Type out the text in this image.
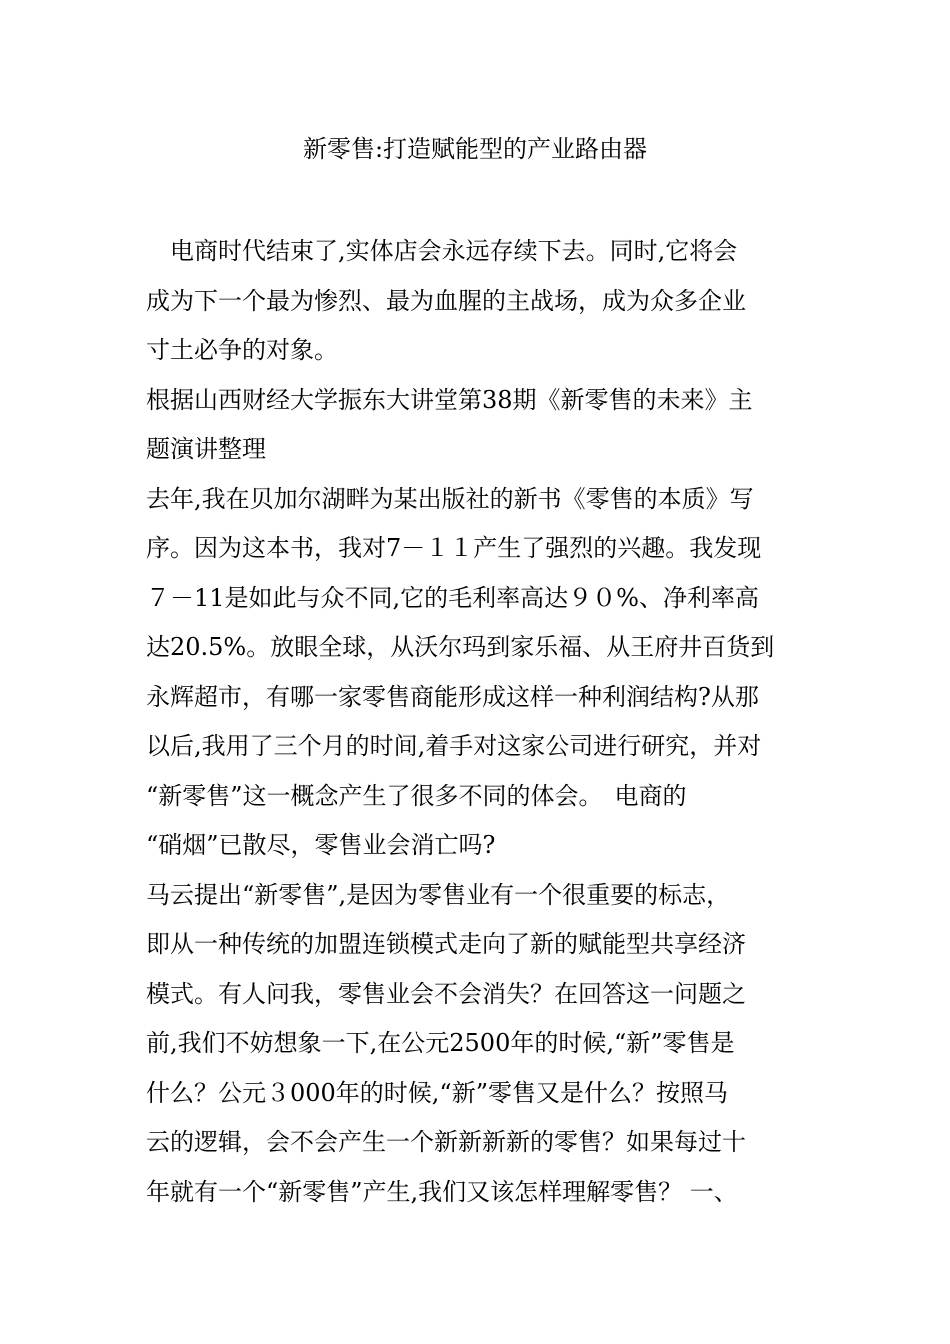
新零售:打造赋能型的产业路由器

　电商时代结束了,实体店会永远存续下去。同时,它将会

成为下一个最为惨烈、最为血腥的主战场，成为众多企业

寸土必争的对象。

根据山西财经大学振东大讲堂第38期《新零售的未来》主

题演讲整理

去年,我在贝加尔湖畔为某出版社的新书《零售的本质》写

序。因为这本书，我对7－１１产生了强烈的兴趣。我发现

７－11是如此与众不同,它的毛利率高达９０%、净利率高

达20.5%。放眼全球，从沃尔玛到家乐福、从王府井百货到

永辉超市，有哪一家零售商能形成这样一种利润结构?从那

以后,我用了三个月的时间,着手对这家公司进行研究，并对

“新零售”这一概念产生了很多不同的体会。　电商的

“硝烟”已散尽，零售业会消亡吗?

马云提出“新零售”,是因为零售业有一个很重要的标志，

即从一种传统的加盟连锁模式走向了新的赋能型共享经济

模式。有人问我，零售业会不会消失？在回答这一问题之

前,我们不妨想象一下,在公元2500年的时候,“新”零售是

什么？公元３000年的时候,“新”零售又是什么？按照马

云的逻辑，会不会产生一个新新新新的零售？如果每过十

年就有一个“新零售”产生,我们又该怎样理解零售？ 一、
